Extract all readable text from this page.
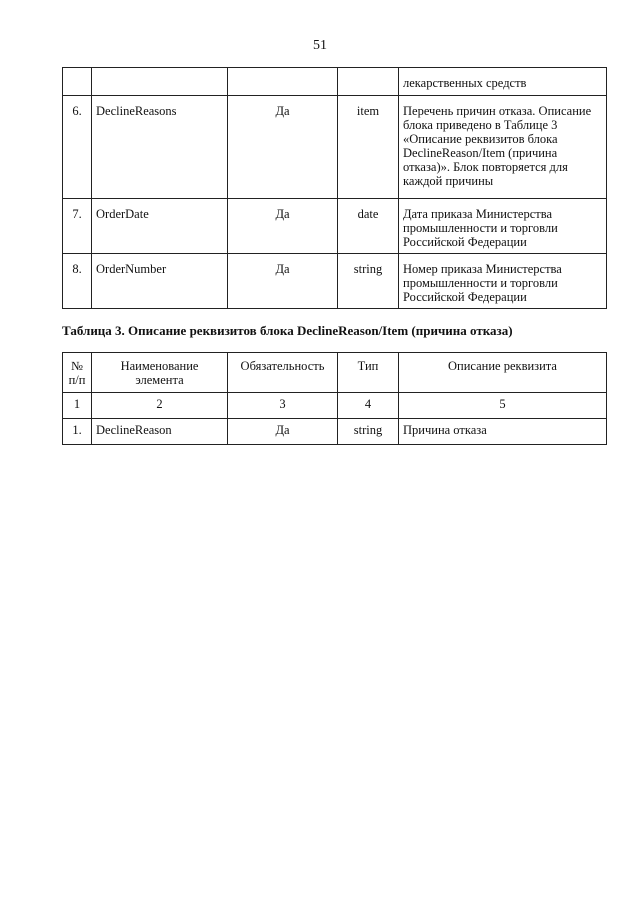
51
				лекарственных средств
6.	DeclineReasons	Да	item	Перечень причин отказа. Описание блока приведено в Таблице 3 «Описание реквизитов блока DeclineReason/Item (причина отказа)». Блок повторяется для каждой причины
7.	OrderDate	Да	date	Дата приказа Министерства промышленности и торговли Российской Федерации
8.	OrderNumber	Да	string	Номер приказа Министерства промышленности и торговли Российской Федерации
Таблица 3. Описание реквизитов блока DeclineReason/Item (причина отказа)
№ п/п	Наименование элемента	Обязательность	Тип	Описание реквизита
1	2	3	4	5
1.	DeclineReason	Да	string	Причина отказа
